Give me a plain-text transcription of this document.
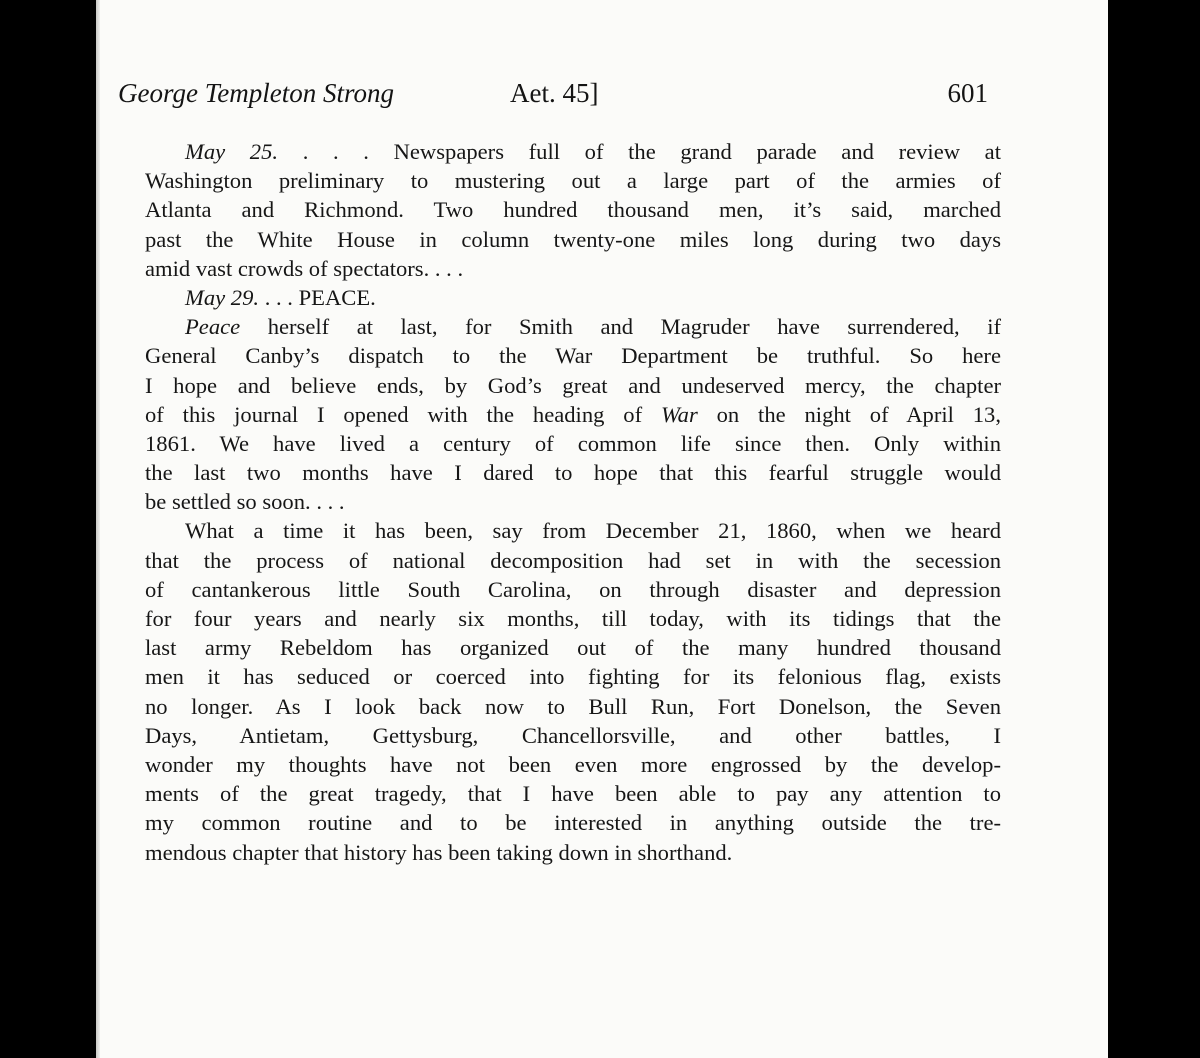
George Templeton Strong	Aet. 45]	601
May 25. . . . Newspapers full of the grand parade and review at
Washington preliminary to mustering out a large part of the armies of
Atlanta and Richmond. Two hundred thousand men, it’s said, marched
past the White House in column twenty-one miles long during two days
amid vast crowds of spectators. . . .
May 29. . . . PEACE.
Peace herself at last, for Smith and Magruder have surrendered, if
General Canby’s dispatch to the War Department be truthful. So here
I hope and believe ends, by God’s great and undeserved mercy, the chapter
of this journal I opened with the heading of War on the night of April 13,
1861. We have lived a century of common life since then. Only within
the last two months have I dared to hope that this fearful struggle would
be settled so soon. . . .
What a time it has been, say from December 21, 1860, when we heard
that the process of national decomposition had set in with the secession
of cantankerous little South Carolina, on through disaster and depression
for four years and nearly six months, till today, with its tidings that the
last army Rebeldom has organized out of the many hundred thousand
men it has seduced or coerced into fighting for its felonious flag, exists
no longer. As I look back now to Bull Run, Fort Donelson, the Seven
Days, Antietam, Gettysburg, Chancellorsville, and other battles, I
wonder my thoughts have not been even more engrossed by the develop-
ments of the great tragedy, that I have been able to pay any attention to
my common routine and to be interested in anything outside the tre-
mendous chapter that history has been taking down in shorthand.
